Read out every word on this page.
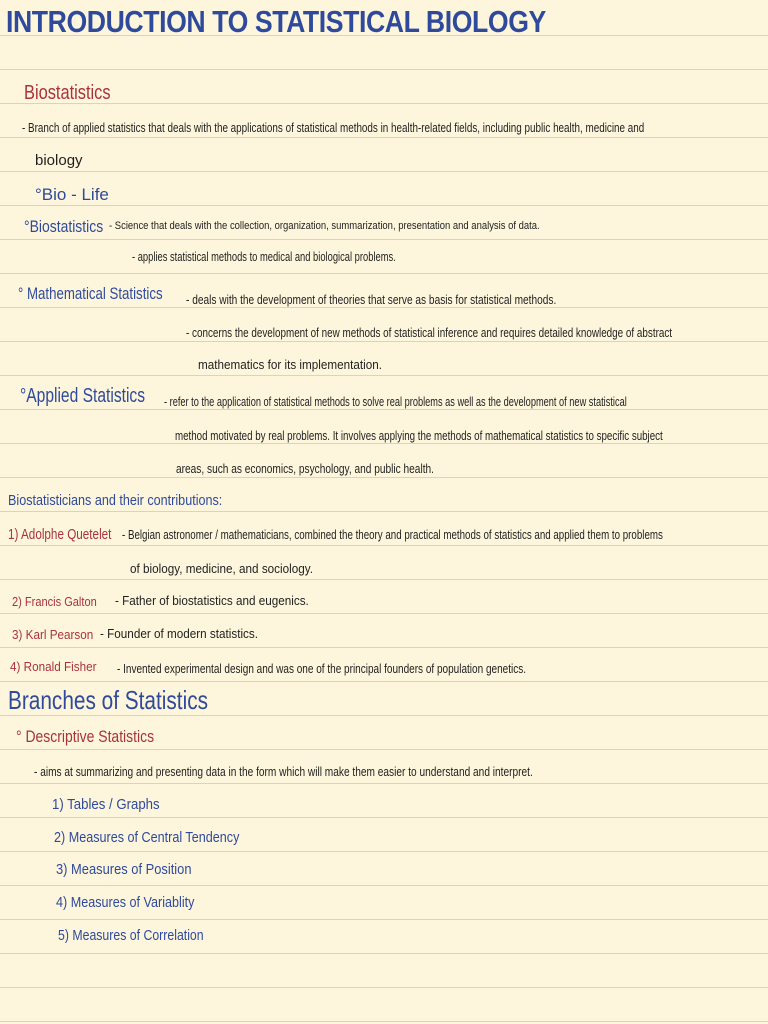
INTRODUCTION TO STATISTICAL BIOLOGY
Biostatistics
- Branch of applied statistics that deals with the applications of statistical methods in health-related fields, including public health, medicine and
biology
°Bio - Life
°Biostatistics - Science that deals with the collection, organization, summarization, presentation and analysis of data.
- applies statistical methods to medical and biological problems.
° Mathematical Statistics - deals with the development of theories that serve as basis for statistical methods.
- concerns the development of new methods of statistical inference and requires detailed knowledge of abstract
mathematics for its implementation.
°Applied Statistics - refer to the application of statistical methods to solve real problems as well as the development of new statistical
method motivated by real problems. It involves applying the methods of mathematical statistics to specific subject
areas, such as economics, psychology, and public health.
Biostatisticians and their contributions:
1) Adolphe Quetelet - Belgian astronomer / mathematicians, combined the theory and practical methods of statistics and applied them to problems
of biology, medicine, and sociology.
2) Francis Galton - Father of biostatistics and eugenics.
3) Karl Pearson - Founder of modern statistics.
4) Ronald Fisher - Invented experimental design and was one of the principal founders of population genetics.
Branches of Statistics
° Descriptive Statistics
- aims at summarizing and presenting data in the form which will make them easier to understand and interpret.
1) Tables / Graphs
2) Measures of Central Tendency
3) Measures of Position
4) Measures of Variablity
5) Measures of Correlation
